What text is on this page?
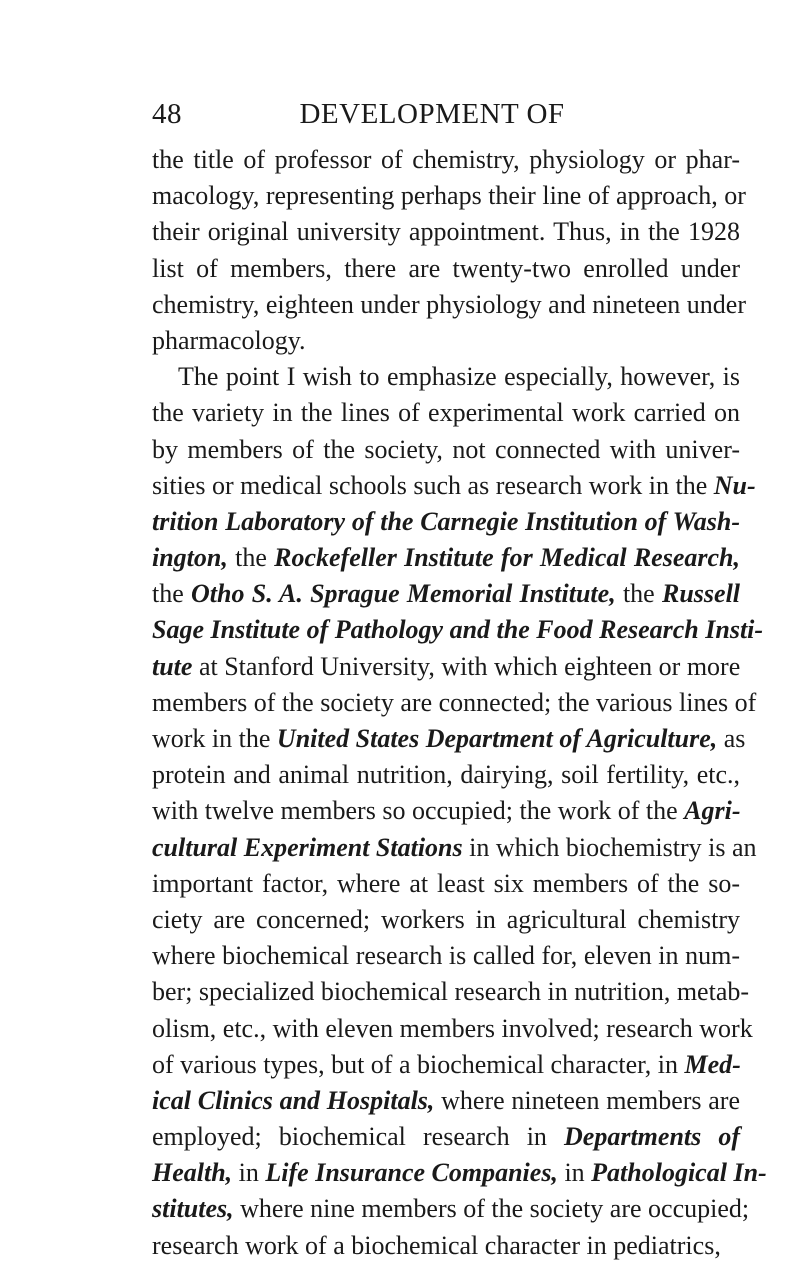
48	DEVELOPMENT OF
the title of professor of chemistry, physiology or phar-
macology, representing perhaps their line of approach, or
their original university appointment. Thus, in the 1928
list of members, there are twenty-two enrolled under
chemistry, eighteen under physiology and nineteen under
pharmacology.
The point I wish to emphasize especially, however, is
the variety in the lines of experimental work carried on
by members of the society, not connected with univer-
sities or medical schools such as research work in the Nu-
trition Laboratory of the Carnegie Institution of Wash-
ington, the Rockefeller Institute for Medical Research,
the Otho S. A. Sprague Memorial Institute, the Russell
Sage Institute of Pathology and the Food Research Insti-
tute at Stanford University, with which eighteen or more
members of the society are connected; the various lines of
work in the United States Department of Agriculture, as
protein and animal nutrition, dairying, soil fertility, etc.,
with twelve members so occupied; the work of the Agri-
cultural Experiment Stations in which biochemistry is an
important factor, where at least six members of the so-
ciety are concerned; workers in agricultural chemistry
where biochemical research is called for, eleven in num-
ber; specialized biochemical research in nutrition, metab-
olism, etc., with eleven members involved; research work
of various types, but of a biochemical character, in Med-
ical Clinics and Hospitals, where nineteen members are
employed; biochemical research in Departments of
Health, in Life Insurance Companies, in Pathological In-
stitutes, where nine members of the society are occupied;
research work of a biochemical character in pediatrics,
